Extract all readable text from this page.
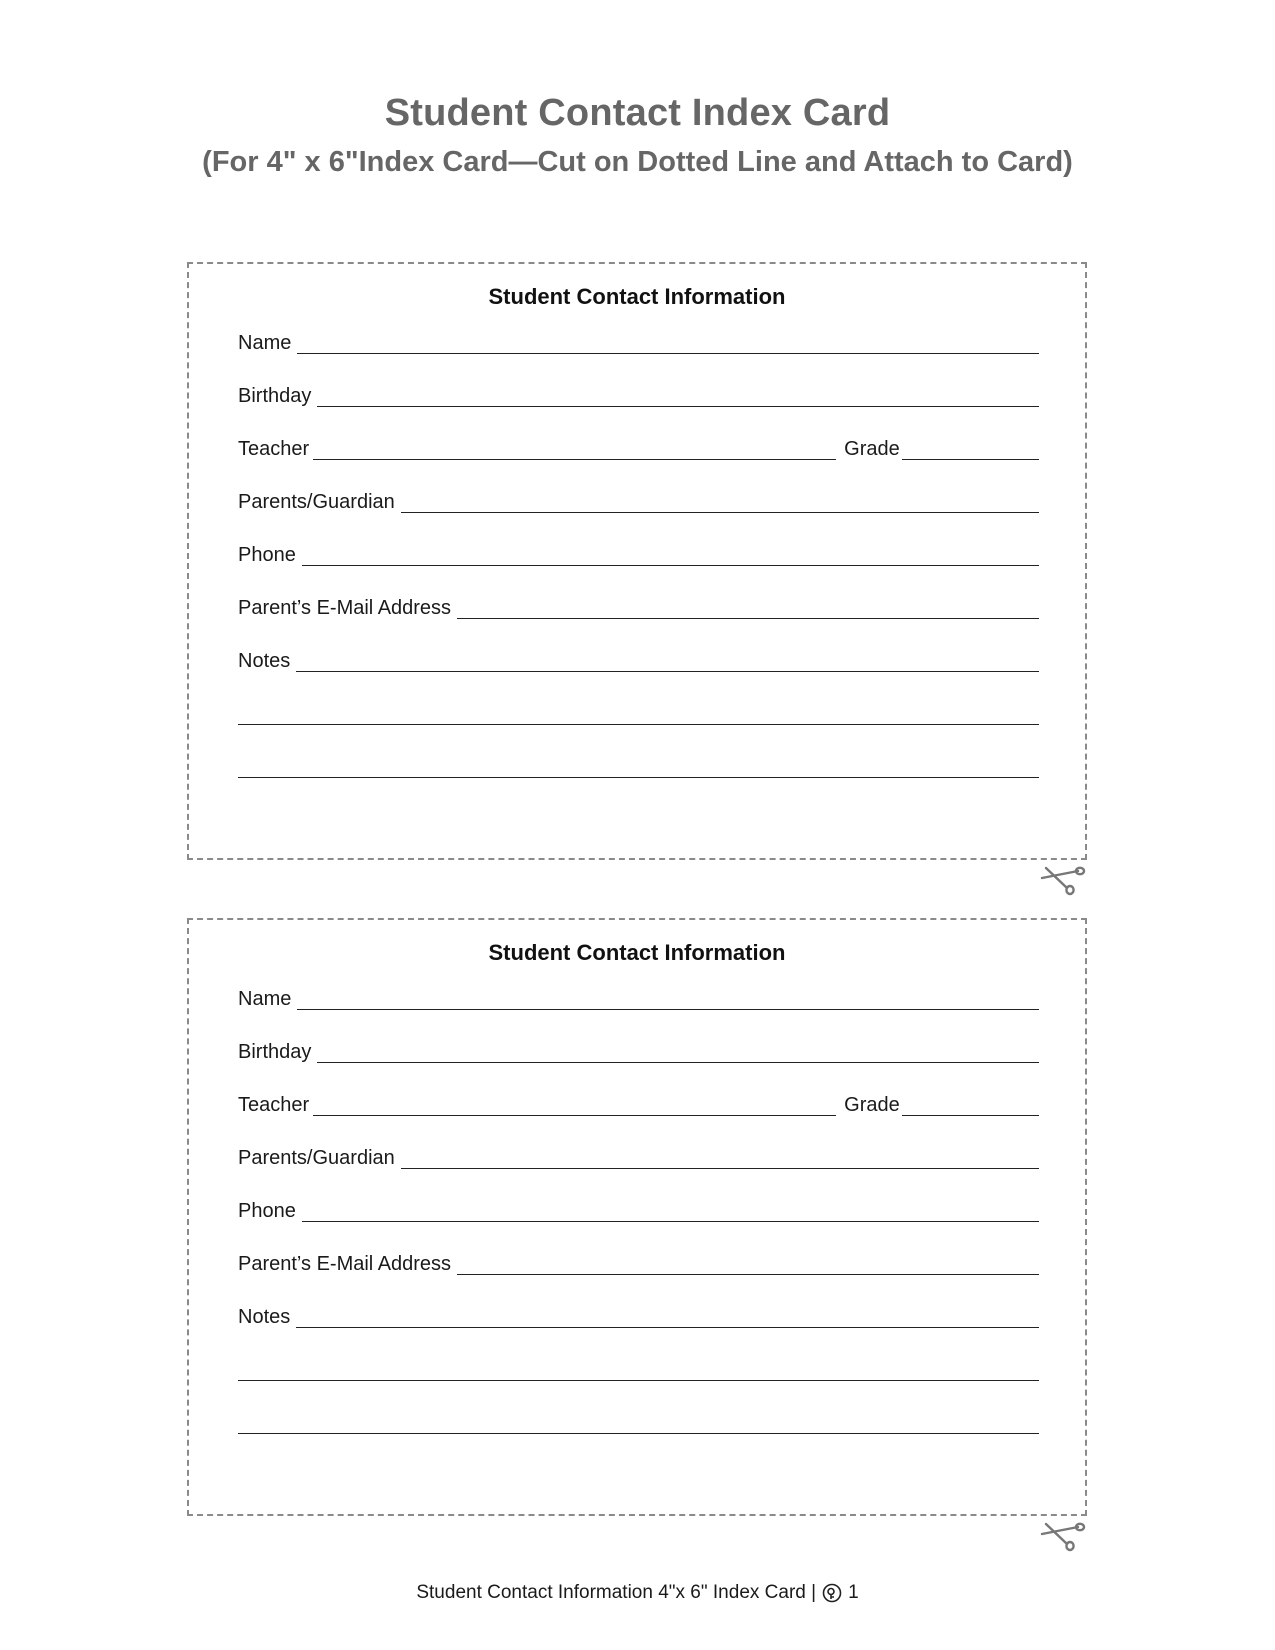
Student Contact Index Card
(For 4" x 6"Index Card—Cut on Dotted Line and Attach to Card)
Student Contact Information
Name
Birthday
Teacher	Grade
Parents/Guardian
Phone
Parent’s E-Mail Address
Notes
Student Contact Information
Name
Birthday
Teacher	Grade
Parents/Guardian
Phone
Parent’s E-Mail Address
Notes
Student Contact Information 4"x 6" Index Card | 1
